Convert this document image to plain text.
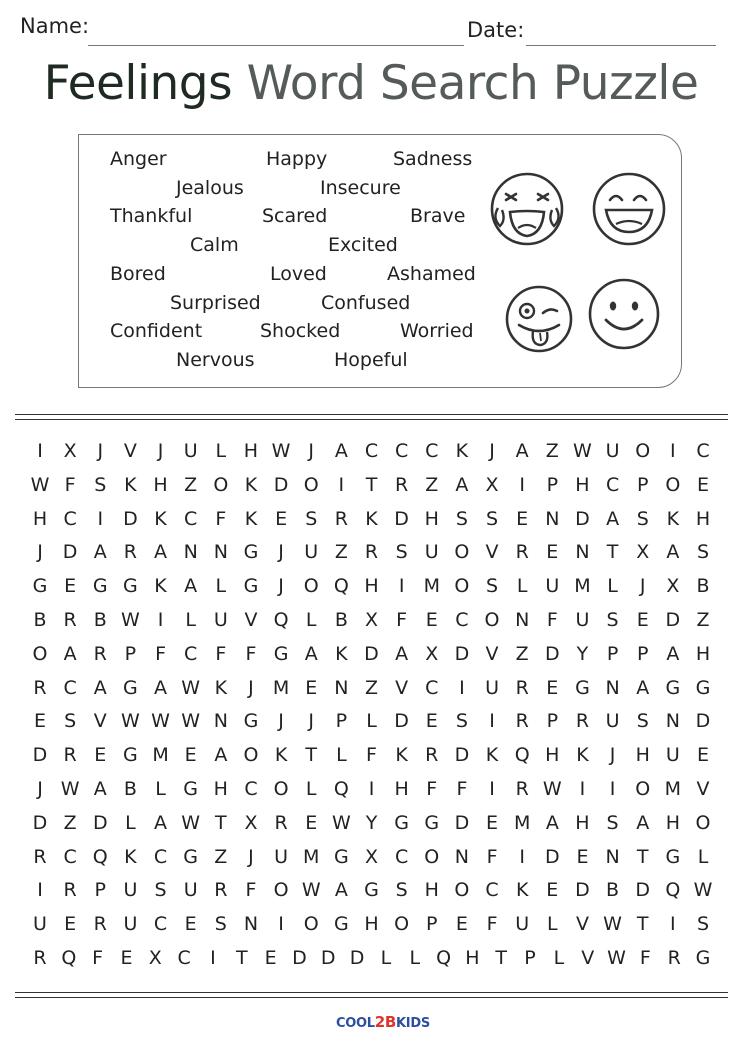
Name:	Date:
Feelings Word Search Puzzle
Anger	Happy	Sadness
Jealous	Insecure
Thankful	Scared	Brave
Calm	Excited
Bored	Loved	Ashamed
Surprised	Confused
Confident	Shocked	Worried
Nervous	Hopeful
I	X	J	V	J	U L H W J	A C C C K	J	A Z W U O	I	C
W F S K H Z O K D O	I	T R Z A X	I	P H C P O E
H C	I	D K C F K E S R K D H S S E N D A S K H
J	D A R A N N G	J	U Z R S U O V R E N T X A S
G E G G K A L G	J	O Q H	I	M O S L U M L	J	X B
B R B W I	L U V Q L B X F E C O N F U S E D Z
O A R P F C F	F G A K D A X D V Z D Y P P A H
R C A G A W K	J	M E N Z V C	I	U R E G N A G G
E S V W W W N G	J	J	P	L D E S	I	R P R U S N D
D R E G M E A O K T	L	F K R D K Q H K	J	H U E
J W A B L G H C O L Q	I	H F	F	I	R W I	I	O M V
D Z D L A W T X R E W Y G G D E M A H S A H O
R C Q K C G Z	J	U M G X C O N F	I	D E N T G L
I	R P U S U R F O W A G S H O C K E D B D Q W
U E R U C E S N	I	O G H O P E F U L V W T	I	S
R Q F E X C	I	T E D D D L L Q H T P L V W F R G
COOL2BKIDS
